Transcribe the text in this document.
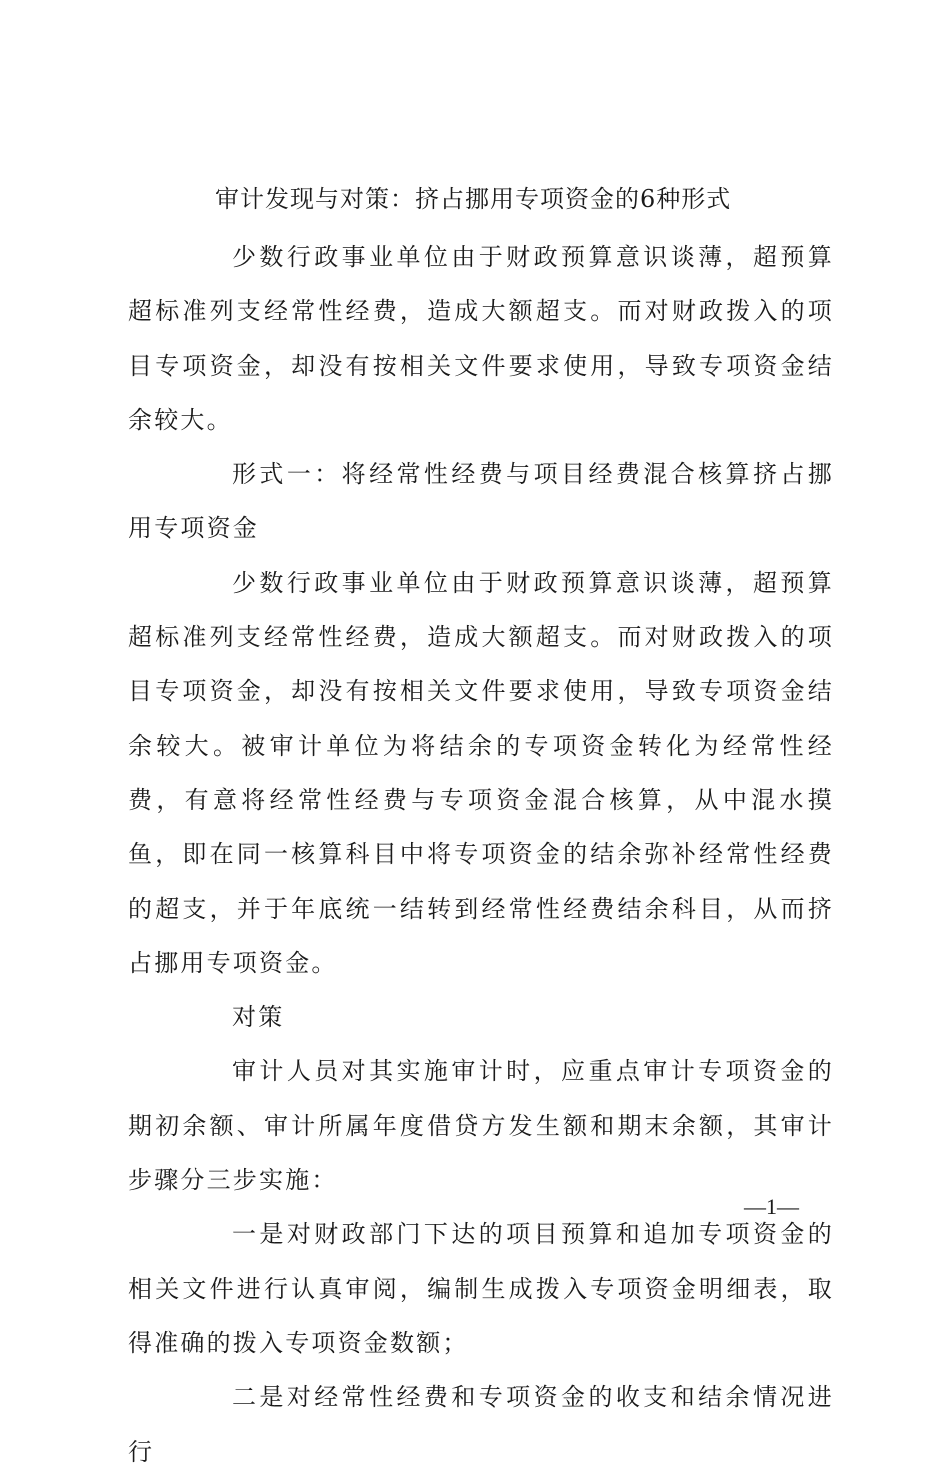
审计发现与对策：挤占挪用专项资金的6种形式

少数行政事业单位由于财政预算意识谈薄，超预算超标准列支经常性经费，造成大额超支。而对财政拨入的项目专项资金，却没有按相关文件要求使用，导致专项资金结余较大。

形式一：将经常性经费与项目经费混合核算挤占挪用专项资金

少数行政事业单位由于财政预算意识谈薄，超预算超标准列支经常性经费，造成大额超支。而对财政拨入的项目专项资金，却没有按相关文件要求使用，导致专项资金结余较大。被审计单位为将结余的专项资金转化为经常性经费，有意将经常性经费与专项资金混合核算，从中混水摸鱼，即在同一核算科目中将专项资金的结余弥补经常性经费的超支，并于年底统一结转到经常性经费结余科目，从而挤占挪用专项资金。

对策

审计人员对其实施审计时，应重点审计专项资金的期初余额、审计所属年度借贷方发生额和期末余额，其审计步骤分三步实施：

一是对财政部门下达的项目预算和追加专项资金的相关文件进行认真审阅，编制生成拨入专项资金明细表，取得准确的拨入专项资金数额；

二是对经常性经费和专项资金的收支和结余情况进行

—1—
